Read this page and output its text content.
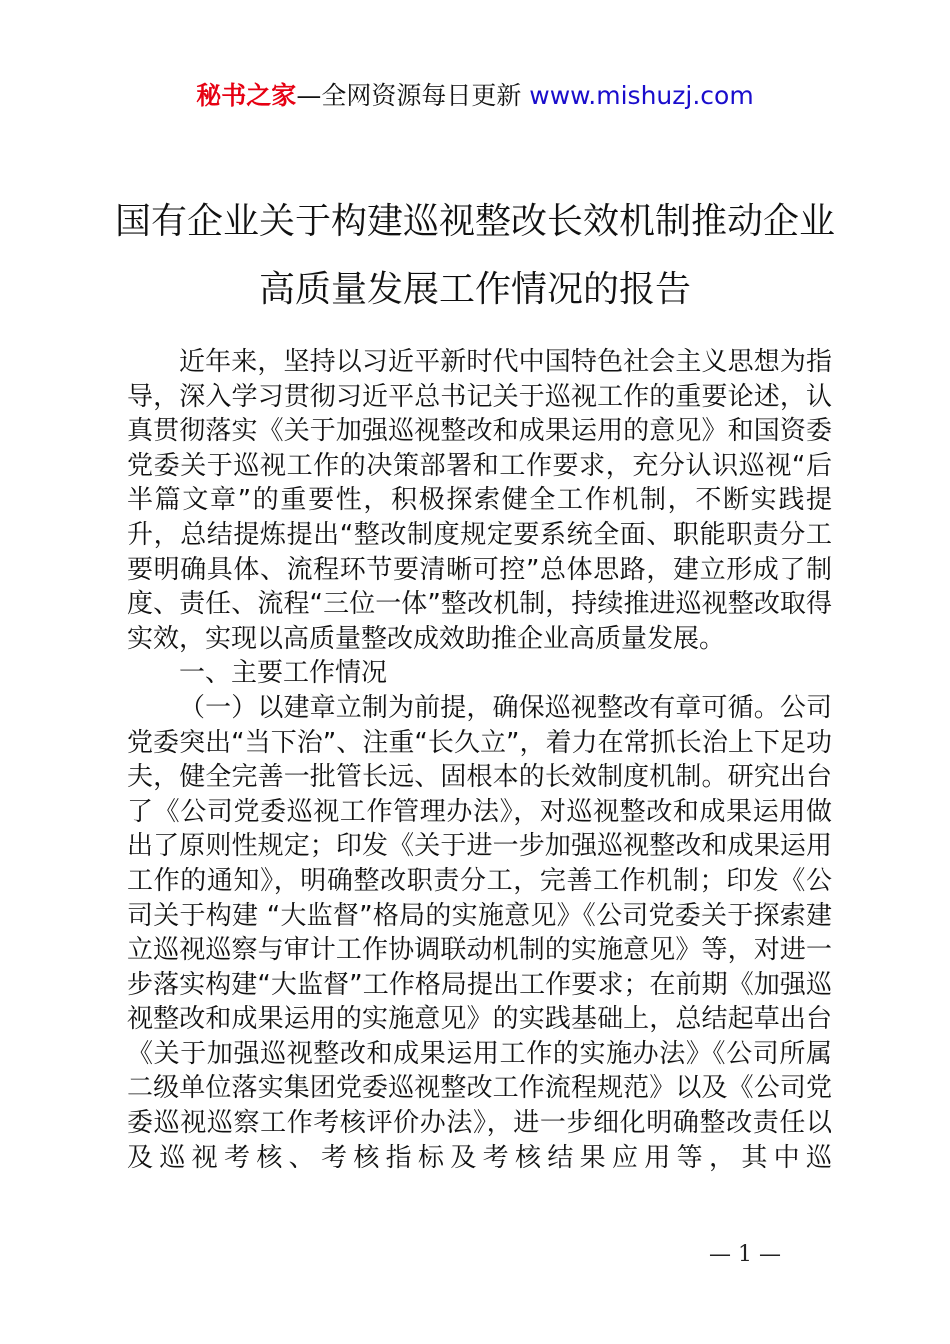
秘书之家—全网资源每日更新 www.mishuzj.com
国有企业关于构建巡视整改长效机制推动企业
高质量发展工作情况的报告

近年来，坚持以习近平新时代中国特色社会主义思想为指导，深入学习贯彻习近平总书记关于巡视工作的重要论述，认真贯彻落实《关于加强巡视整改和成果运用的意见》和国资委党委关于巡视工作的决策部署和工作要求，充分认识巡视“后半篇文章”的重要性，积极探索健全工作机制，不断实践提升，总结提炼提出“整改制度规定要系统全面、职能职责分工要明确具体、流程环节要清晰可控”总体思路，建立形成了制度、责任、流程“三位一体”整改机制，持续推进巡视整改取得实效，实现以高质量整改成效助推企业高质量发展。

一、主要工作情况

（一）以建章立制为前提，确保巡视整改有章可循。公司党委突出“当下治”、注重“长久立”，着力在常抓长治上下足功夫，健全完善一批管长远、固根本的长效制度机制。研究出台了《公司党委巡视工作管理办法》，对巡视整改和成果运用做出了原则性规定；印发《关于进一步加强巡视整改和成果运用工作的通知》，明确整改职责分工，完善工作机制；印发《公司关于构建 “大监督”格局的实施意见》《公司党委关于探索建立巡视巡察与审计工作协调联动机制的实施意见》等，对进一步落实构建“大监督”工作格局提出工作要求；在前期《加强巡视整改和成果运用的实施意见》的实践基础上，总结起草出台《关于加强巡视整改和成果运用工作的实施办法》《公司所属二级单位落实集团党委巡视整改工作流程规范》以及《公司党委巡视巡察工作考核评价办法》，进一步细化明确整改责任以及巡视考核、考核指标及考核结果应用等，其中巡

— 1 —
